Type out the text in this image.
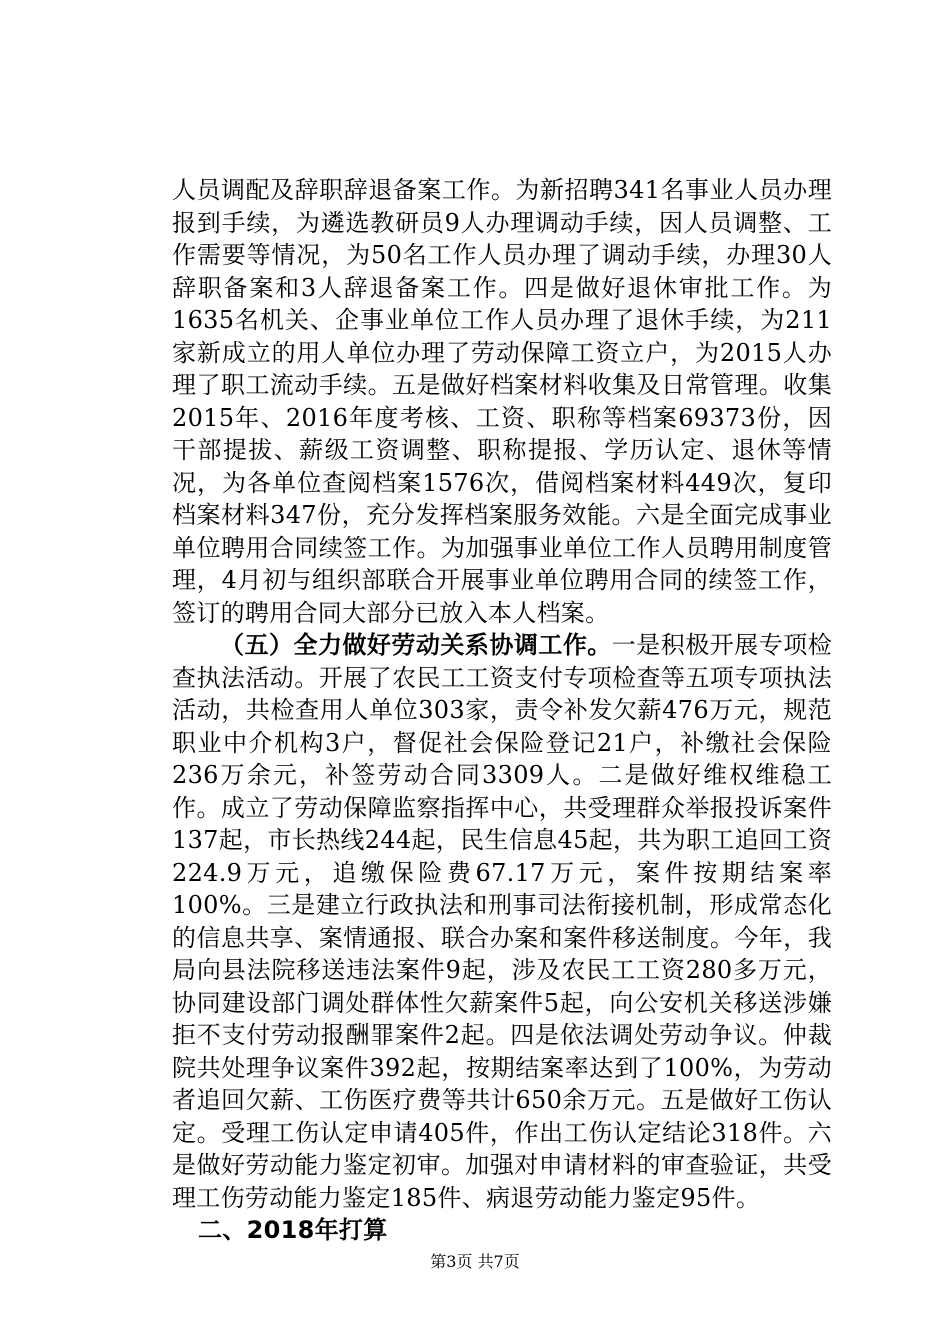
人员调配及辞职辞退备案工作。为新招聘341名事业人员办理报到手续，为遴选教研员9人办理调动手续，因人员调整、工作需要等情况，为50名工作人员办理了调动手续，办理30人辞职备案和3人辞退备案工作。四是做好退休审批工作。为1635名机关、企事业单位工作人员办理了退休手续，为211家新成立的用人单位办理了劳动保障工资立户，为2015人办理了职工流动手续。五是做好档案材料收集及日常管理。收集2015年、2016年度考核、工资、职称等档案69373份，因干部提拔、薪级工资调整、职称提报、学历认定、退休等情况，为各单位查阅档案1576次，借阅档案材料449次，复印档案材料347份，充分发挥档案服务效能。六是全面完成事业单位聘用合同续签工作。为加强事业单位工作人员聘用制度管理，4月初与组织部联合开展事业单位聘用合同的续签工作，签订的聘用合同大部分已放入本人档案。

（五）全力做好劳动关系协调工作。一是积极开展专项检查执法活动。开展了农民工工资支付专项检查等五项专项执法活动，共检查用人单位303家，责令补发欠薪476万元，规范职业中介机构3户，督促社会保险登记21户，补缴社会保险236万余元，补签劳动合同3309人。二是做好维权维稳工作。成立了劳动保障监察指挥中心，共受理群众举报投诉案件137起，市长热线244起，民生信息45起，共为职工追回工资224.9万元，追缴保险费67.17万元，案件按期结案率100%。三是建立行政执法和刑事司法衔接机制，形成常态化的信息共享、案情通报、联合办案和案件移送制度。今年，我局向县法院移送违法案件9起，涉及农民工工资280多万元，协同建设部门调处群体性欠薪案件5起，向公安机关移送涉嫌拒不支付劳动报酬罪案件2起。四是依法调处劳动争议。仲裁院共处理争议案件392起，按期结案率达到了100%，为劳动者追回欠薪、工伤医疗费等共计650余万元。五是做好工伤认定。受理工伤认定申请405件，作出工伤认定结论318件。六是做好劳动能力鉴定初审。加强对申请材料的审查验证，共受理工伤劳动能力鉴定185件、病退劳动能力鉴定95件。

二、2018年打算

第3页 共7页
